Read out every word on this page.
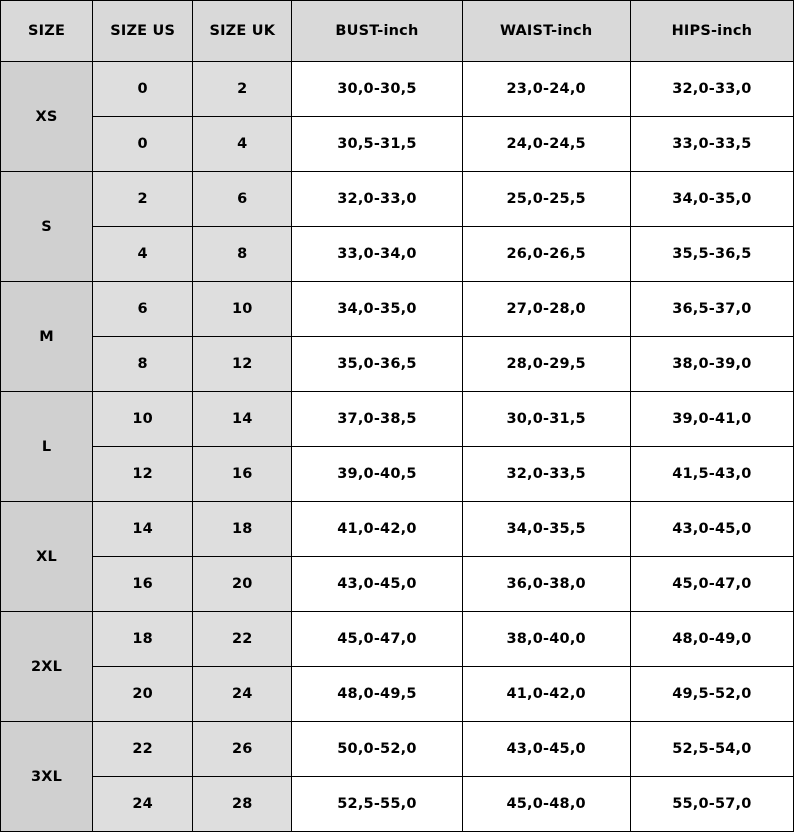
SIZE	SIZE US	SIZE UK	BUST-inch	WAIST-inch	HIPS-inch
XS	0	2	30,0-30,5	23,0-24,0	32,0-33,0
	0	4	30,5-31,5	24,0-24,5	33,0-33,5
S	2	6	32,0-33,0	25,0-25,5	34,0-35,0
	4	8	33,0-34,0	26,0-26,5	35,5-36,5
M	6	10	34,0-35,0	27,0-28,0	36,5-37,0
	8	12	35,0-36,5	28,0-29,5	38,0-39,0
L	10	14	37,0-38,5	30,0-31,5	39,0-41,0
	12	16	39,0-40,5	32,0-33,5	41,5-43,0
XL	14	18	41,0-42,0	34,0-35,5	43,0-45,0
	16	20	43,0-45,0	36,0-38,0	45,0-47,0
2XL	18	22	45,0-47,0	38,0-40,0	48,0-49,0
	20	24	48,0-49,5	41,0-42,0	49,5-52,0
3XL	22	26	50,0-52,0	43,0-45,0	52,5-54,0
	24	28	52,5-55,0	45,0-48,0	55,0-57,0
